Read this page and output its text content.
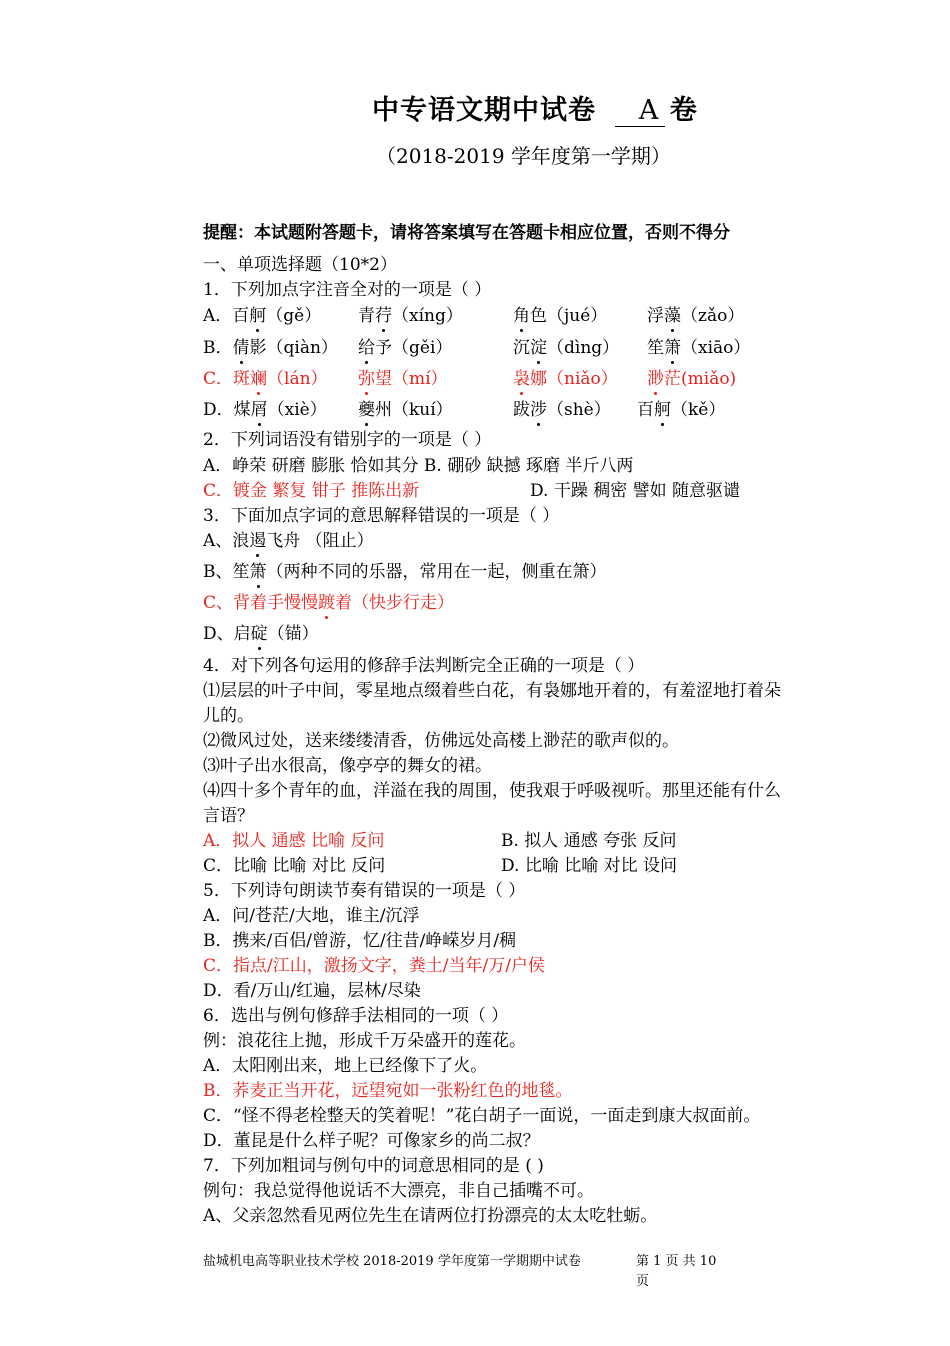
中专语文期中试卷 A 卷
（2018-2019 学年度第一学期）
提醒：本试题附答题卡，请将答案填写在答题卡相应位置，否则不得分
一、单项选择题（10*2）
1．下列加点字注音全对的一项是（ ）
A．百舸（gě） 青荇（xíng）	角色（jué） 浮藻（zǎo）
B．倩影（qiàn） 给予（gěi）	沉淀（dìng） 笙箫（xiāo）
C．斑斓（lán） 弥望（mí）	袅娜（niǎo） 渺茫(miǎo)
D．煤屑（xiè） 夔州（kuí）	跋涉（shè） 百舸（kě）
2．下列词语没有错别字的一项是（ ）
A．峥荣 研磨 膨胀 恰如其分 B. 硼砂 缺撼 琢磨 半斤八两
C．镀金 繁复 钳子 推陈出新	D. 干躁 稠密 譬如 随意驱谴
3．下面加点字词的意思解释错误的一项是（ ）
A、浪遏飞舟 （阻止）
B、笙箫（两种不同的乐器，常用在一起，侧重在箫）
C、背着手慢慢踱着（快步行走）
D、启碇（锚）
4．对下列各句运用的修辞手法判断完全正确的一项是（ ）
⑴层层的叶子中间，零星地点缀着些白花，有袅娜地开着的，有羞涩地打着朵
儿的。
⑵微风过处，送来缕缕清香，仿佛远处高楼上渺茫的歌声似的。
⑶叶子出水很高，像亭亭的舞女的裙。
⑷四十多个青年的血，洋溢在我的周围，使我艰于呼吸视听。那里还能有什么
言语？
A．拟人 通感 比喻 反问	B. 拟人 通感 夸张 反问
C．比喻 比喻 对比 反问	D. 比喻 比喻 对比 设问
5．下列诗句朗读节奏有错误的一项是（ ）
A．问/苍茫/大地，谁主/沉浮
B．携来/百侣/曾游，忆/往昔/峥嵘岁月/稠
C．指点/江山，激扬文字，粪土/当年/万/户侯
D．看/万山/红遍，层林/尽染
6．选出与例句修辞手法相同的一项（ ）
例：浪花往上抛，形成千万朵盛开的莲花。
A．太阳刚出来，地上已经像下了火。
B．荞麦正当开花，远望宛如一张粉红色的地毯。
C．“怪不得老栓整天的笑着呢！”花白胡子一面说，一面走到康大叔面前。
D．董昆是什么样子呢？可像家乡的尚二叔？
7．下列加粗词与例句中的词意思相同的是 ( )
例句：我总觉得他说话不大漂亮，非自己插嘴不可。
A、父亲忽然看见两位先生在请两位打扮漂亮的太太吃牡蛎。
盐城机电高等职业技术学校 2018-2019 学年度第一学期期中试卷	第 1 页 共 10
页
